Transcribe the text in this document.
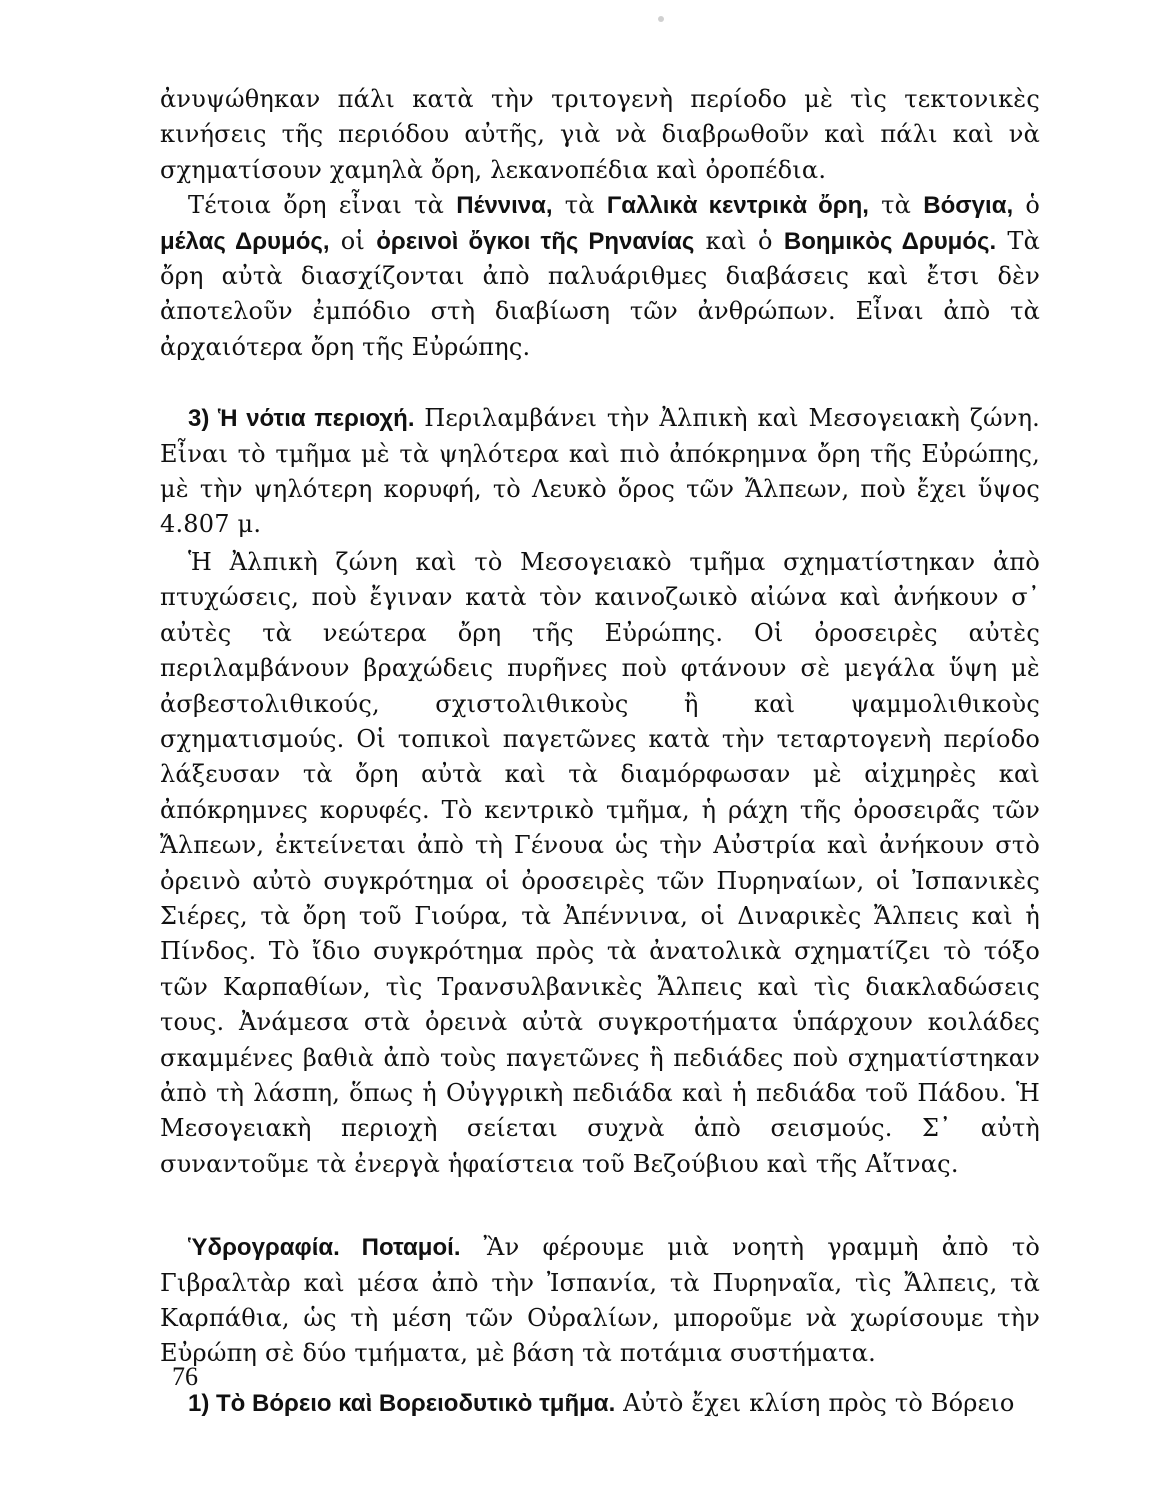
ἀνυψώθηκαν πάλι κατὰ τὴν τριτογενὴ περίοδο μὲ τὶς τεκτονικὲς κινήσεις τῆς περιόδου αὐτῆς, γιὰ νὰ διαβρωθοῦν καὶ πάλι καὶ νὰ σχηματίσουν χαμηλὰ ὄρη, λεκανοπέδια καὶ ὀροπέδια.

Τέτοια ὄρη εἶναι τὰ Πέννινα, τὰ Γαλλικὰ κεντρικὰ ὄρη, τὰ Βόσγια, ὁ μέλας Δρυμός, οἱ ὀρεινοὶ ὄγκοι τῆς Ρηνανίας καὶ ὁ Βοημικὸς Δρυμός. Τὰ ὄρη αὐτὰ διασχίζονται ἀπὸ παλυάριθμες διαβάσεις καὶ ἔτσι δὲν ἀποτελοῦν ἐμπόδιο στὴ διαβίωση τῶν ἀνθρώπων. Εἶναι ἀπὸ τὰ ἀρχαιότερα ὄρη τῆς Εὐρώπης.

3) Ἡ νότια περιοχή. Περιλαμβάνει τὴν Ἀλπικὴ καὶ Μεσογειακὴ ζώνη. Εἶναι τὸ τμῆμα μὲ τὰ ψηλότερα καὶ πιὸ ἀπόκρημνα ὄρη τῆς Εὐρώπης, μὲ τὴν ψηλότερη κορυφή, τὸ Λευκὸ ὄρος τῶν Ἄλπεων, ποὺ ἔχει ὕψος 4.807 μ.

Ἡ Ἀλπικὴ ζώνη καὶ τὸ Μεσογειακὸ τμῆμα σχηματίστηκαν ἀπὸ πτυχώσεις, ποὺ ἔγιναν κατὰ τὸν καινοζωικὸ αἰώνα καὶ ἀνήκουν σ᾽ αὐτὲς τὰ νεώτερα ὄρη τῆς Εὐρώπης. Οἱ ὀροσειρὲς αὐτὲς περιλαμβάνουν βραχώδεις πυρῆνες ποὺ φτάνουν σὲ μεγάλα ὕψη μὲ ἀσβεστολιθικούς, σχιστολιθικοὺς ἢ καὶ ψαμμολιθικοὺς σχηματισμούς. Οἱ τοπικοὶ παγετῶνες κατὰ τὴν τεταρτογενὴ περίοδο λάξευσαν τὰ ὄρη αὐτὰ καὶ τὰ διαμόρφωσαν μὲ αἰχμηρὲς καὶ ἀπόκρημνες κορυφές. Τὸ κεντρικὸ τμῆμα, ἡ ράχη τῆς ὀροσειρᾶς τῶν Ἄλπεων, ἐκτείνεται ἀπὸ τὴ Γένουα ὡς τὴν Αὐστρία καὶ ἀνήκουν στὸ ὀρεινὸ αὐτὸ συγκρότημα οἱ ὀροσειρὲς τῶν Πυρηναίων, οἱ Ἰσπανικὲς Σιέρες, τὰ ὄρη τοῦ Γιούρα, τὰ Ἀπέννινα, οἱ Διναρικὲς Ἄλπεις καὶ ἡ Πίνδος. Τὸ ἴδιο συγκρότημα πρὸς τὰ ἀνατολικὰ σχηματίζει τὸ τόξο τῶν Καρπαθίων, τὶς Τρανσυλβανικὲς Ἄλπεις καὶ τὶς διακλαδώσεις τους. Ἀνάμεσα στὰ ὀρεινὰ αὐτὰ συγκροτήματα ὑπάρχουν κοιλάδες σκαμμένες βαθιὰ ἀπὸ τοὺς παγετῶνες ἢ πεδιάδες ποὺ σχηματίστηκαν ἀπὸ τὴ λάσπη, ὅπως ἡ Οὐγγρικὴ πεδιάδα καὶ ἡ πεδιάδα τοῦ Πάδου. Ἡ Μεσογειακὴ περιοχὴ σείεται συχνὰ ἀπὸ σεισμούς. Σ᾽ αὐτὴ συναντοῦμε τὰ ἐνεργὰ ἡφαίστεια τοῦ Βεζούβιου καὶ τῆς Αἴτνας.

Ὑδρογραφία. Ποταμοί. Ἂν φέρουμε μιὰ νοητὴ γραμμὴ ἀπὸ τὸ Γιβραλτὰρ καὶ μέσα ἀπὸ τὴν Ἰσπανία, τὰ Πυρηναῖα, τὶς Ἄλπεις, τὰ Καρπάθια, ὡς τὴ μέση τῶν Οὐραλίων, μποροῦμε νὰ χωρίσουμε τὴν Εὐρώπη σὲ δύο τμήματα, μὲ βάση τὰ ποτάμια συστήματα.

1) Τὸ Βόρειο καὶ Βορειοδυτικὸ τμῆμα. Αὐτὸ ἔχει κλίση πρὸς τὸ Βόρειο

76
